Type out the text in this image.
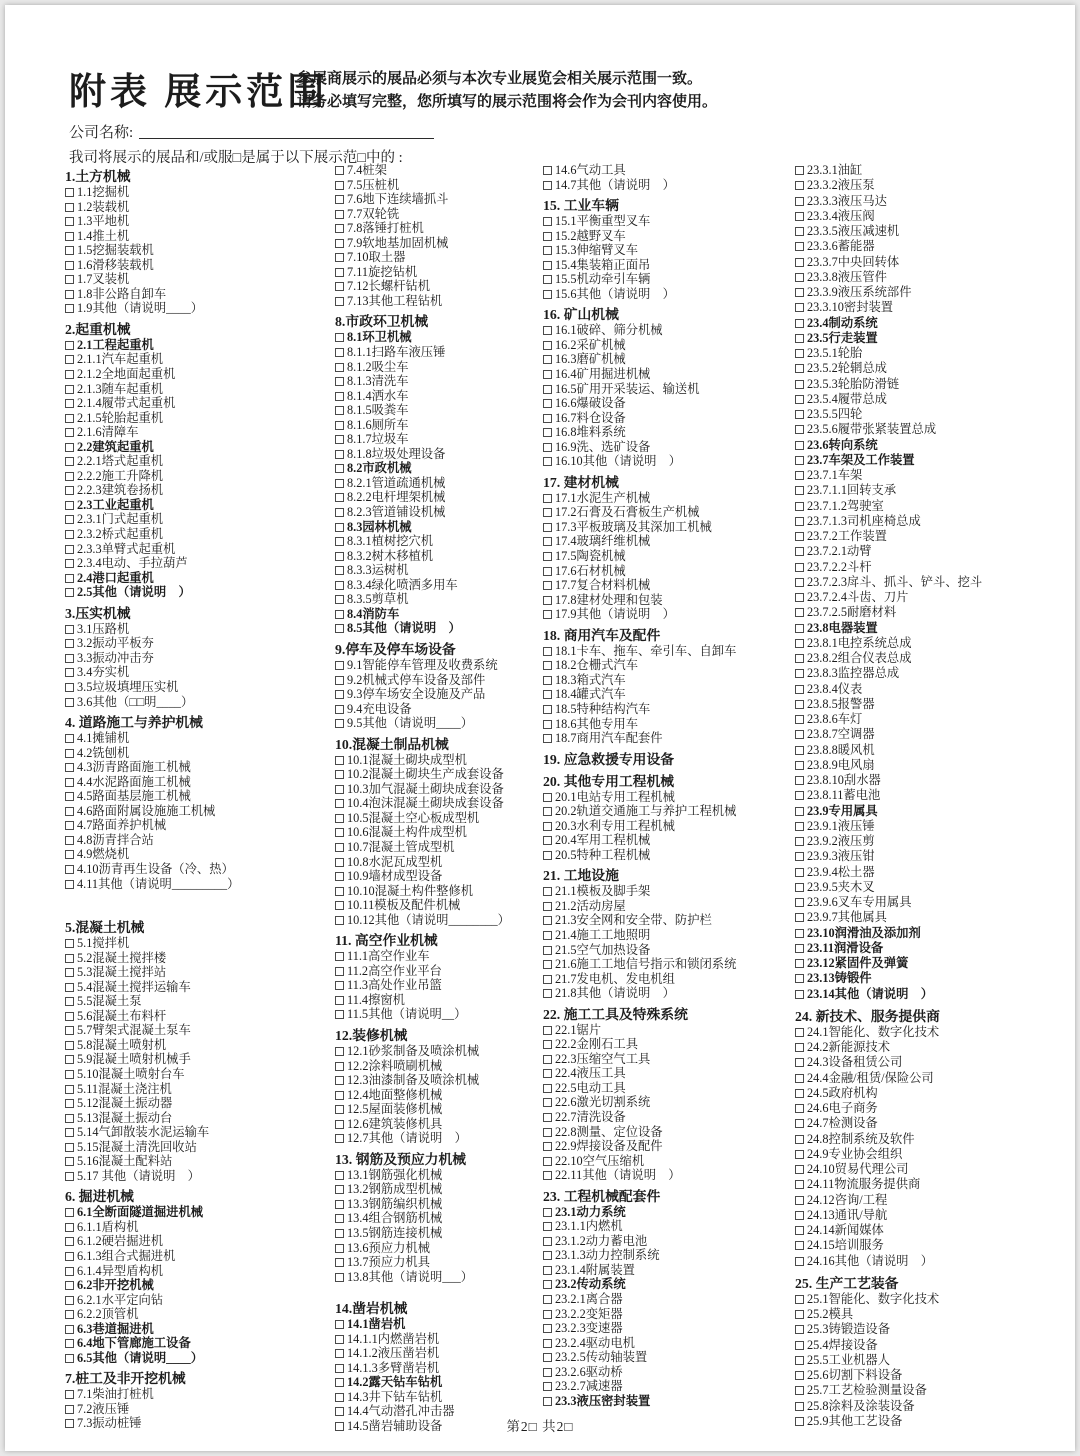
附表 展示范围
参展商展示的展品必须与本次专业展览会相关展示范围一致。
请务必填写完整，您所填写的展示范围将会作为会刊内容使用。
公司名称:
我司将展示的展品和/或服□是属于以下展示范□中的 :
1.土方机械
1.1挖掘机
1.2装载机
1.3平地机
1.4推土机
1.5挖掘装载机
1.6滑移装载机
1.7叉装机
1.8非公路自卸车
1.9其他（请说明____）
2.起重机械
2.1工程起重机
2.1.1汽车起重机
2.1.2全地面起重机
2.1.3随车起重机
2.1.4履带式起重机
2.1.5轮胎起重机
2.1.6清障车
2.2建筑起重机
2.2.1塔式起重机
2.2.2施工升降机
2.2.3建筑卷扬机
2.3工业起重机
2.3.1门式起重机
2.3.2桥式起重机
2.3.3单臂式起重机
2.3.4电动、手拉葫芦
2.4港口起重机
2.5其他（请说明　）
3.压实机械
3.1压路机
3.2振动平板夯
3.3振动冲击夯
3.4夯实机
3.5垃圾填埋压实机
3.6其他（□□明____）
4. 道路施工与养护机械
4.1摊铺机
4.2铣刨机
4.3沥青路面施工机械
4.4水泥路面施工机械
4.5路面基层施工机械
4.6路面附属设施施工机械
4.7路面养护机械
4.8沥青拌合站
4.9燃烧机
4.10沥青再生设备（冷、热）
4.11其他（请说明_________）
5.混凝土机械
5.1搅拌机
5.2混凝土搅拌楼
5.3混凝土搅拌站
5.4混凝土搅拌运输车
5.5混凝土泵
5.6混凝土布料杆
5.7臂架式混凝土泵车
5.8混凝土喷射机
5.9混凝土喷射机械手
5.10混凝土喷射台车
5.11混凝土浇注机
5.12混凝土振动器
5.13混凝土振动台
5.14气卸散装水泥运输车
5.15混凝土清洗回收站
5.16混凝土配料站
5.17 其他（请说明　）
6. 掘进机械
6.1全断面隧道掘进机械
6.1.1盾构机
6.1.2硬岩掘进机
6.1.3组合式掘进机
6.1.4异型盾构机
6.2非开挖机械
6.2.1水平定向钻
6.2.2顶管机
6.3巷道掘进机
6.4地下管廊施工设备
6.5其他（请说明____）
7.桩工及非开挖机械
7.1柴油打桩机
7.2液压锤
7.3振动桩锤
7.4桩架
7.5压桩机
7.6地下连续墙抓斗
7.7双轮铣
7.8落锤打桩机
7.9软地基加固机械
7.10取土器
7.11旋挖钻机
7.12长螺杆钻机
7.13其他工程钻机
8.市政环卫机械
8.1环卫机械
8.1.1扫路车液压锤
8.1.2吸尘车
8.1.3清洗车
8.1.4洒水车
8.1.5吸粪车
8.1.6厕所车
8.1.7垃圾车
8.1.8垃圾处理设备
8.2市政机械
8.2.1管道疏通机械
8.2.2电杆埋架机械
8.2.3管道铺设机械
8.3园林机械
8.3.1植树挖穴机
8.3.2树木移植机
8.3.3运树机
8.3.4绿化喷洒多用车
8.3.5剪草机
8.4消防车
8.5其他（请说明　）
9.停车及停车场设备
9.1智能停车管理及收费系统
9.2机械式停车设备及部件
9.3停车场安全设施及产品
9.4充电设备
9.5其他（请说明____）
10.混凝土制品机械
10.1混凝土砌块成型机
10.2混凝土砌块生产成套设备
10.3加气混凝土砌块成套设备
10.4泡沫混凝土砌块成套设备
10.5混凝土空心板成型机
10.6混凝土构件成型机
10.7混凝土管成型机
10.8水泥瓦成型机
10.9墙材成型设备
10.10混凝土构件整修机
10.11模板及配件机械
10.12其他（请说明________）
11. 高空作业机械
11.1高空作业车
11.2高空作业平台
11.3高处作业吊篮
11.4擦窗机
11.5其他（请说明__）
12.装修机械
12.1砂浆制备及喷涂机械
12.2涂料喷刷机械
12.3油漆制备及喷涂机械
12.4地面整修机械
12.5屋面装修机械
12.6建筑装修机具
12.7其他（请说明　）
13. 钢筋及预应力机械
13.1钢筋强化机械
13.2钢筋成型机械
13.3钢筋编织机械
13.4组合钢筋机械
13.5钢筋连接机械
13.6预应力机械
13.7预应力机具
13.8其他（请说明___）
14.凿岩机械
14.1凿岩机
14.1.1内燃凿岩机
14.1.2液压凿岩机
14.1.3多臂凿岩机
14.2露天钻车钻机
14.3井下钻车钻机
14.4气动潜孔冲击器
14.5凿岩辅助设备
14.6气动工具
14.7其他（请说明　）
15. 工业车辆
15.1平衡重型叉车
15.2越野叉车
15.3伸缩臂叉车
15.4集装箱正面吊
15.5机动牵引车辆
15.6其他（请说明　）
16. 矿山机械
16.1破碎、筛分机械
16.2采矿机械
16.3磨矿机械
16.4矿用掘进机械
16.5矿用开采装运、输送机
16.6爆破设备
16.7料仓设备
16.8堆料系统
16.9洗、选矿设备
16.10其他（请说明　）
17. 建材机械
17.1水泥生产机械
17.2石膏及石膏板生产机械
17.3平板玻璃及其深加工机械
17.4玻璃纤维机械
17.5陶瓷机械
17.6石材机械
17.7复合材料机械
17.8建材处理和包装
17.9其他（请说明　）
18. 商用汽车及配件
18.1卡车、拖车、牵引车、自卸车
18.2仓栅式汽车
18.3箱式汽车
18.4罐式汽车
18.5特种结构汽车
18.6其他专用车
18.7商用汽车配套件
19. 应急救援专用设备
20. 其他专用工程机械
20.1电站专用工程机械
20.2轨道交通施工与养护工程机械
20.3水利专用工程机械
20.4军用工程机械
20.5特种工程机械
21. 工地设施
21.1模板及脚手架
21.2活动房屋
21.3安全网和安全带、防护栏
21.4施工工地照明
21.5空气加热设备
21.6施工工地信号指示和锁闭系统
21.7发电机、发电机组
21.8其他（请说明　）
22. 施工工具及特殊系统
22.1锯片
22.2金刚石工具
22.3压缩空气工具
22.4液压工具
22.5电动工具
22.6激光切割系统
22.7清洗设备
22.8测量、定位设备
22.9焊接设备及配件
22.10空气压缩机
22.11其他（请说明　）
23. 工程机械配套件
23.1动力系统
23.1.1内燃机
23.1.2动力蓄电池
23.1.3动力控制系统
23.1.4附属装置
23.2传动系统
23.2.1离合器
23.2.2变矩器
23.2.3变速器
23.2.4驱动电机
23.2.5传动轴装置
23.2.6驱动桥
23.2.7减速器
23.3液压密封装置
23.3.1油缸
23.3.2液压泵
23.3.3液压马达
23.3.4液压阀
23.3.5液压减速机
23.3.6蓄能器
23.3.7中央回转体
23.3.8液压管件
23.3.9液压系统部件
23.3.10密封装置
23.4制动系统
23.5行走装置
23.5.1轮胎
23.5.2轮辋总成
23.5.3轮胎防滑链
23.5.4履带总成
23.5.5四轮
23.5.6履带张紧装置总成
23.6转向系统
23.7车架及工作装置
23.7.1车架
23.7.1.1回转支承
23.7.1.2驾驶室
23.7.1.3司机座椅总成
23.7.2工作装置
23.7.2.1动臂
23.7.2.2斗杆
23.7.2.3戽斗、抓斗、铲斗、挖斗
23.7.2.4斗齿、刀片
23.7.2.5耐磨材料
23.8电器装置
23.8.1电控系统总成
23.8.2组合仪表总成
23.8.3监控器总成
23.8.4仪表
23.8.5报警器
23.8.6车灯
23.8.7空调器
23.8.8暖风机
23.8.9电风扇
23.8.10刮水器
23.8.11蓄电池
23.9专用属具
23.9.1液压锤
23.9.2液压剪
23.9.3液压钳
23.9.4松土器
23.9.5夹木叉
23.9.6叉车专用属具
23.9.7其他属具
23.10润滑油及添加剂
23.11润滑设备
23.12紧固件及弹簧
23.13铸锻件
23.14其他（请说明　）
24. 新技术、服务提供商
24.1智能化、数字化技术
24.2新能源技术
24.3设备租赁公司
24.4金融/租赁/保险公司
24.5政府机构
24.6电子商务
24.7检测设备
24.8控制系统及软件
24.9专业协会组织
24.10贸易代理公司
24.11物流服务提供商
24.12咨询/工程
24.13通讯/导航
24.14新闻媒体
24.15培训服务
24.16其他（请说明　）
25. 生产工艺装备
25.1智能化、数字化技术
25.2模具
25.3铸锻造设备
25.4焊接设备
25.5工业机器人
25.6切割下料设备
25.7工艺检验测量设备
25.8涂料及涂装设备
25.9其他工艺设备
第2□ 共2□
